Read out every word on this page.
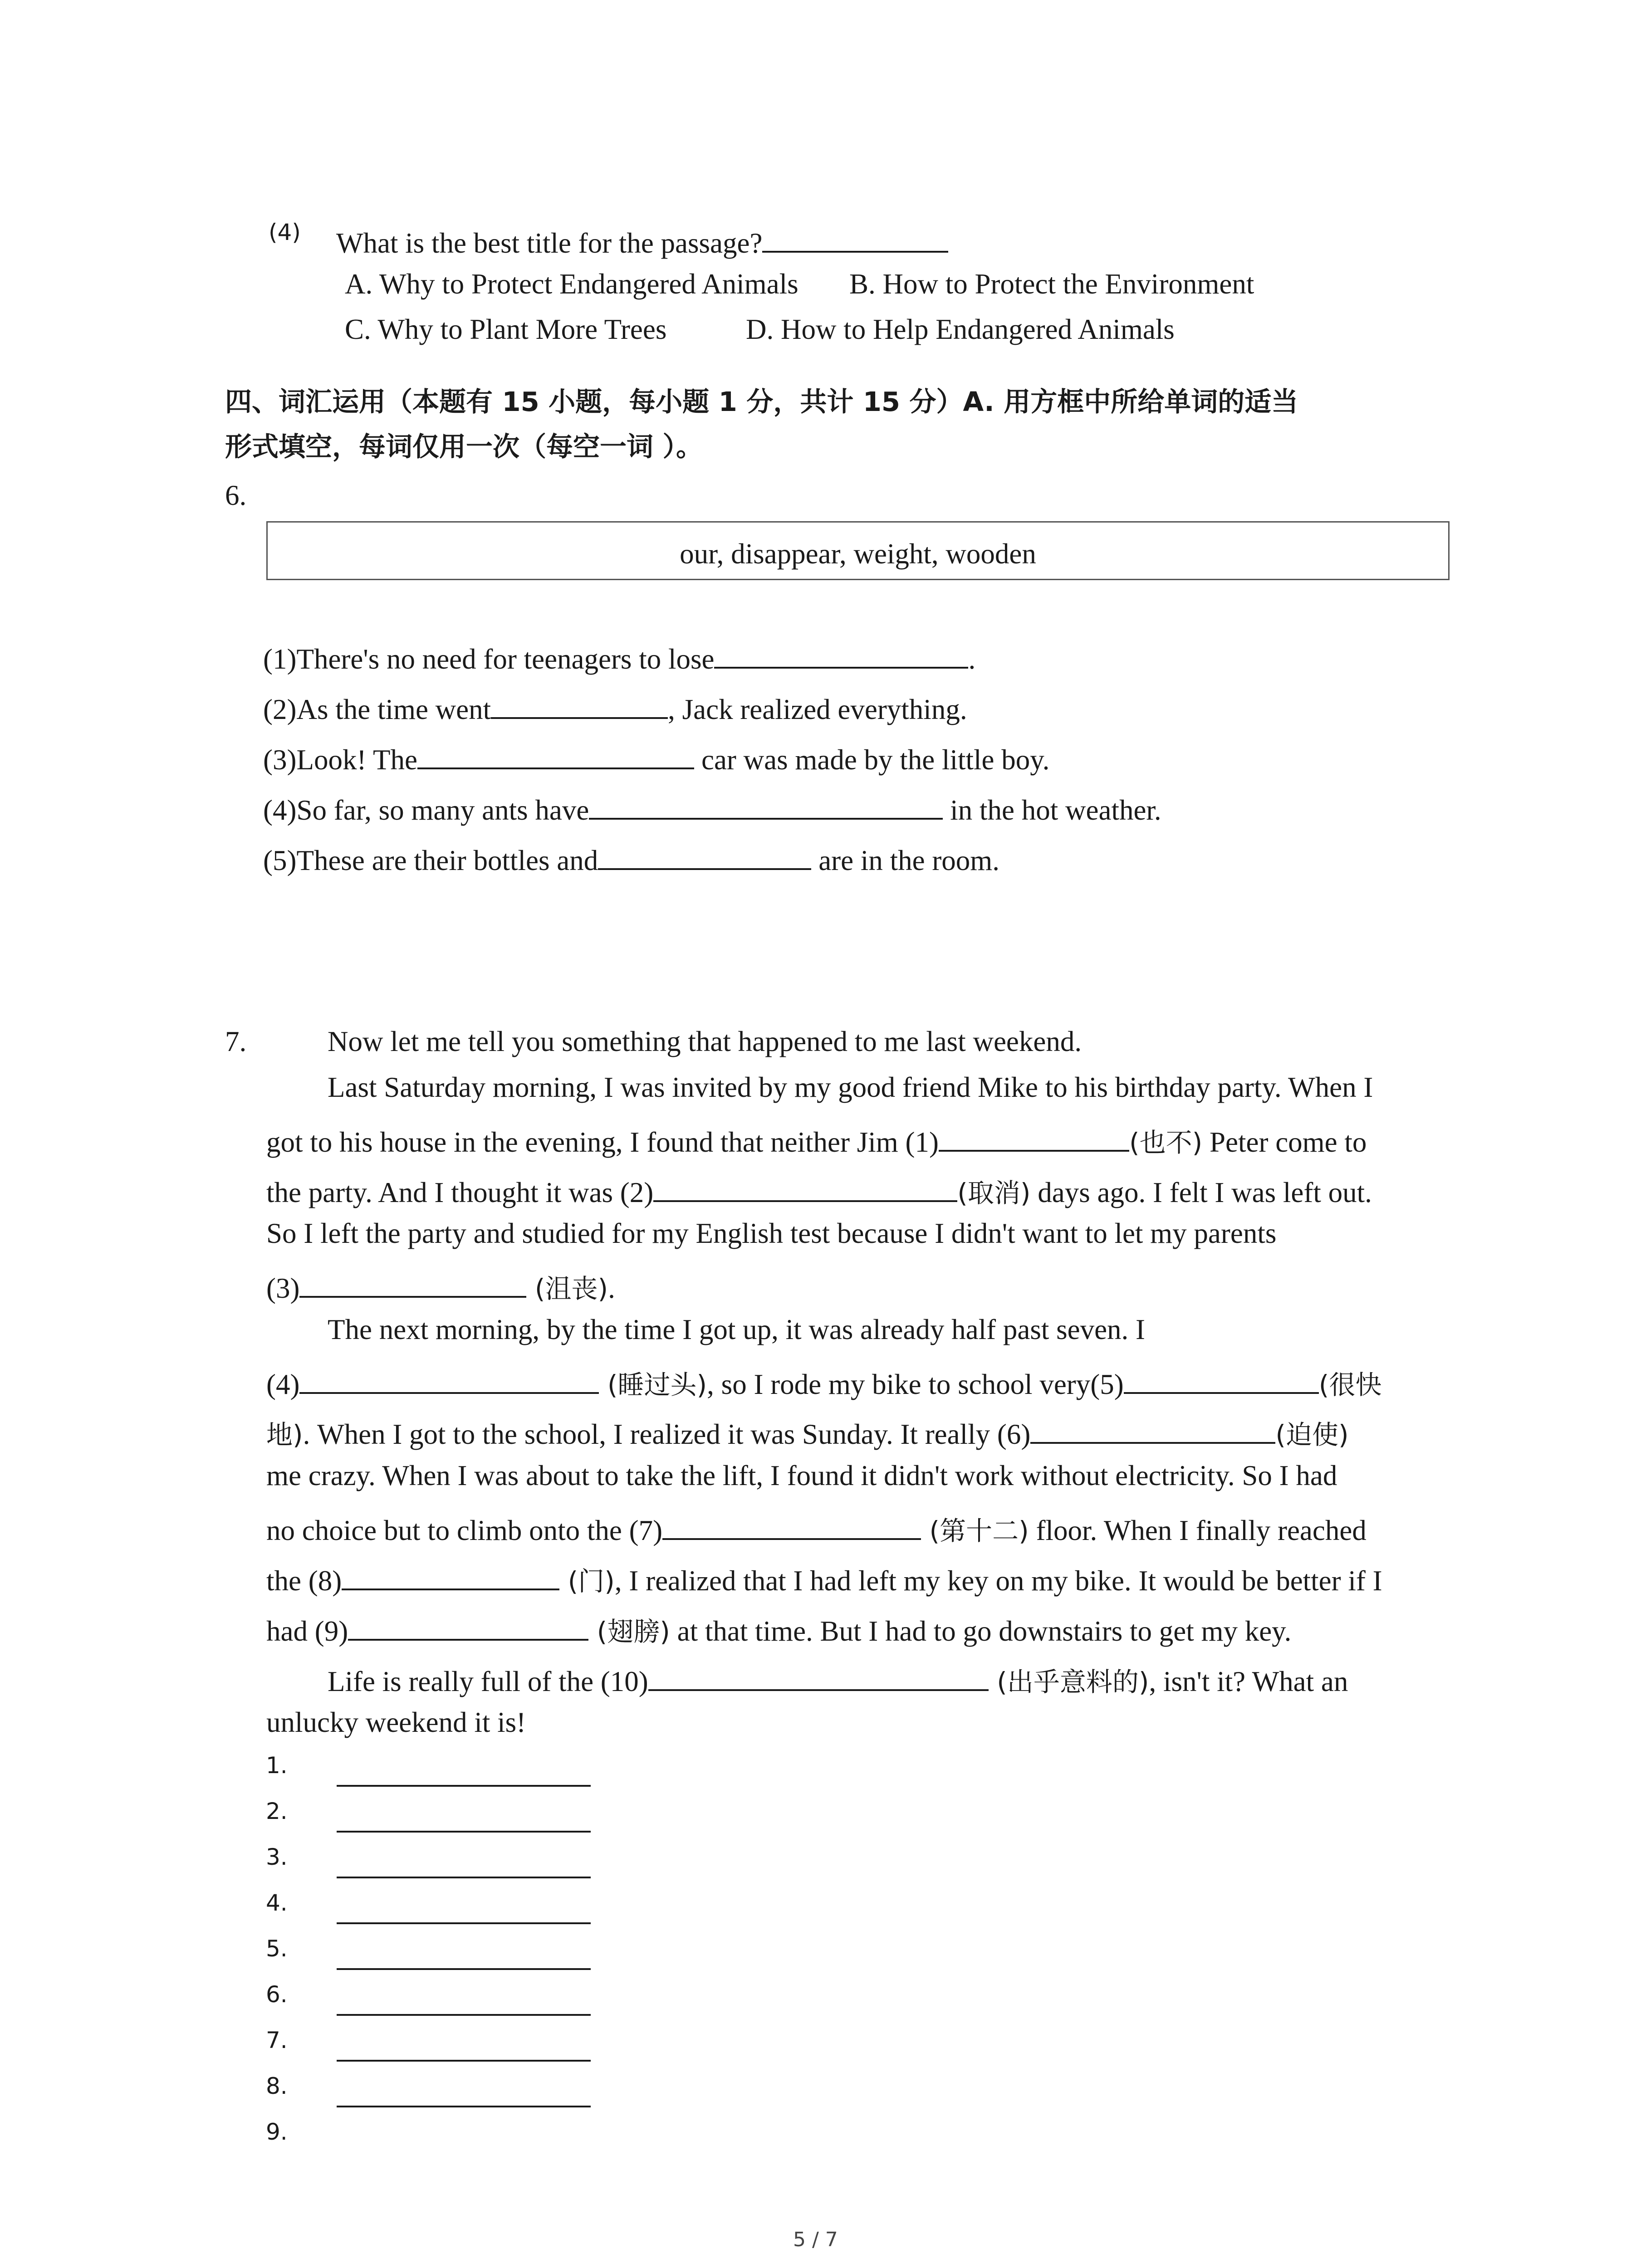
(4) What is the best title for the passage?
A. Why to Protect Endangered Animals B. How to Protect the Environment
C. Why to Plant More Trees	D. How to Help Endangered Animals
四、词汇运用（本题有 15 小题，每小题 1 分，共计 15 分）A. 用方框中所给单词的适当
形式填空，每词仅用一次（每空一词 ）。
6.
our, disappear, weight, wooden
(1)There's no need for teenagers to lose	.
(2)As the time went	, Jack realized everything.
(3)Look! The	car was made by the little boy.
(4)So far, so many ants have	in the hot weather.
(5)These are their bottles and	are in the room.
7.	Now let me tell you something that happened to me last weekend.
Last Saturday morning, I was invited by my good friend Mike to his birthday party. When I
got to his house in the evening, I found that neither Jim (1)	(也不) Peter come to
the party. And I thought it was (2)	(取消) days ago. I felt I was left out.
So I left the party and studied for my English test because I didn't want to let my parents
(3)	(沮丧).
The next morning, by the time I got up, it was already half past seven. I
(4)	(睡过头), so I rode my bike to school very(5)	(很快
地). When I got to the school, I realized it was Sunday. It really (6)	(迫使)
me crazy. When I was about to take the lift, I found it didn't work without electricity. So I had
no choice but to climb onto the (7)	(第十二) floor. When I finally reached
the (8)	(门), I realized that I had left my key on my bike. It would be better if I
had (9)	(翅膀) at that time. But I had to go downstairs to get my key.
Life is really full of the (10)	(出乎意料的), isn't it? What an
unlucky weekend it is!
1.
2.
3.
4.
5.
6.
7.
8.
9.
5 / 7
